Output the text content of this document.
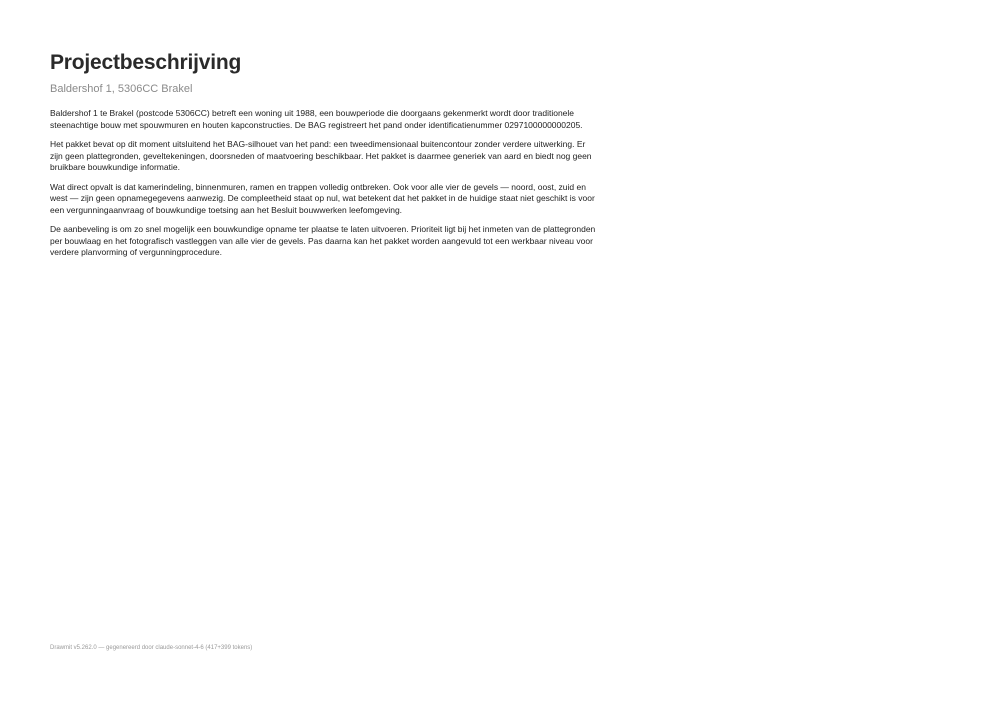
Projectbeschrijving
Baldershof 1, 5306CC Brakel

Baldershof 1 te Brakel (postcode 5306CC) betreft een woning uit 1988, een bouwperiode die doorgaans gekenmerkt wordt door traditionele steenachtige bouw met spouwmuren en houten kapconstructies. De BAG registreert het pand onder identificatienummer 0297100000000205.

Het pakket bevat op dit moment uitsluitend het BAG-silhouet van het pand: een tweedimensionaal buitencontour zonder verdere uitwerking. Er zijn geen plattegronden, geveltekeningen, doorsneden of maatvoering beschikbaar. Het pakket is daarmee generiek van aard en biedt nog geen bruikbare bouwkundige informatie.

Wat direct opvalt is dat kamerindeling, binnenmuren, ramen en trappen volledig ontbreken. Ook voor alle vier de gevels — noord, oost, zuid en west — zijn geen opnamegegevens aanwezig. De compleetheid staat op nul, wat betekent dat het pakket in de huidige staat niet geschikt is voor een vergunningaanvraag of bouwkundige toetsing aan het Besluit bouwwerken leefomgeving.

De aanbeveling is om zo snel mogelijk een bouwkundige opname ter plaatse te laten uitvoeren. Prioriteit ligt bij het inmeten van de plattegronden per bouwlaag en het fotografisch vastleggen van alle vier de gevels. Pas daarna kan het pakket worden aangevuld tot een werkbaar niveau voor verdere planvorming of vergunningprocedure.

Drawmit v5.262.0 — gegenereerd door claude-sonnet-4-6 (417+399 tokens)
